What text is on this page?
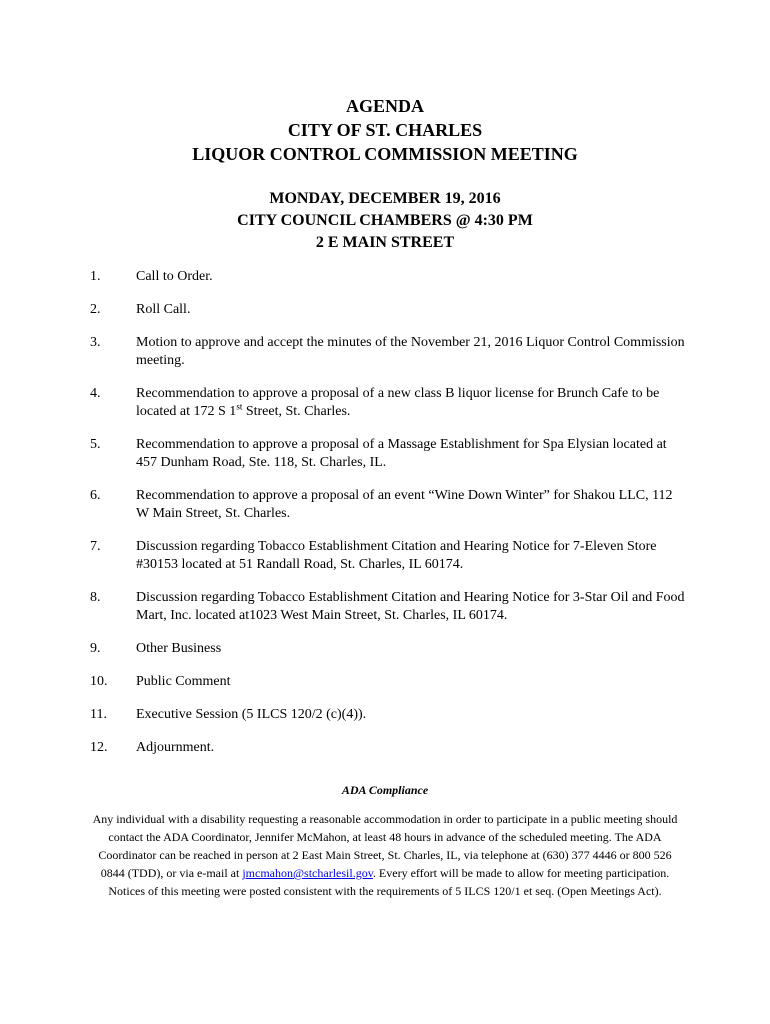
AGENDA
CITY OF ST. CHARLES
LIQUOR CONTROL COMMISSION MEETING
MONDAY, DECEMBER 19, 2016
CITY COUNCIL CHAMBERS @ 4:30 PM
2 E MAIN STREET
1.	Call to Order.
2.	Roll Call.
3.	Motion to approve and accept the minutes of the November 21, 2016 Liquor Control Commission meeting.
4.	Recommendation to approve a proposal of a new class B liquor license for Brunch Cafe to be located at 172 S 1st Street, St. Charles.
5.	Recommendation to approve a proposal of a Massage Establishment for Spa Elysian located at 457 Dunham Road, Ste. 118, St. Charles, IL.
6.	Recommendation to approve a proposal of an event “Wine Down Winter” for Shakou LLC, 112 W Main Street, St. Charles.
7.	Discussion regarding Tobacco Establishment Citation and Hearing Notice for 7-Eleven Store #30153 located at 51 Randall Road, St. Charles, IL 60174.
8.	Discussion regarding Tobacco Establishment Citation and Hearing Notice for 3-Star Oil and Food Mart, Inc. located at1023 West Main Street, St. Charles, IL 60174.
9.	Other Business
10.	Public Comment
11.	Executive Session (5 ILCS 120/2 (c)(4)).
12.	Adjournment.
ADA Compliance
Any individual with a disability requesting a reasonable accommodation in order to participate in a public meeting should contact the ADA Coordinator, Jennifer McMahon, at least 48 hours in advance of the scheduled meeting. The ADA Coordinator can be reached in person at 2 East Main Street, St. Charles, IL, via telephone at (630) 377 4446 or 800 526 0844 (TDD), or via e-mail at jmcmahon@stcharlesil.gov. Every effort will be made to allow for meeting participation. Notices of this meeting were posted consistent with the requirements of 5 ILCS 120/1 et seq. (Open Meetings Act).
